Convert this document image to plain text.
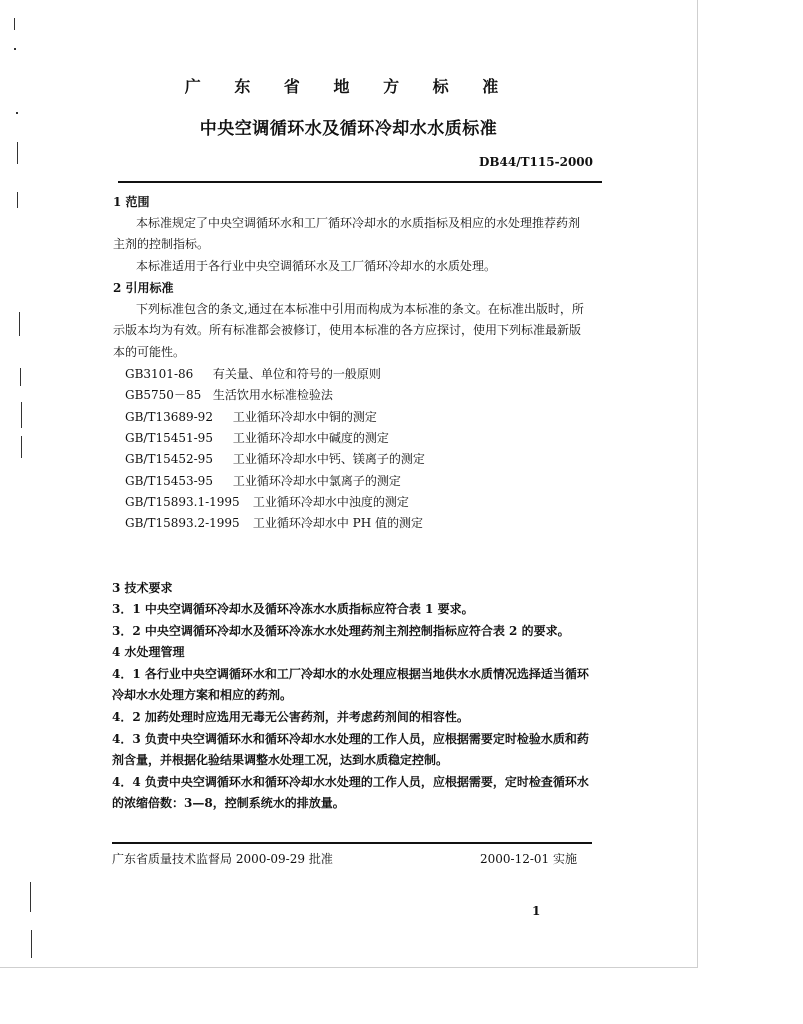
广 东 省 地 方 标 准
中央空调循环水及循环冷却水水质标准
DB44/T115-2000
1 范围
本标准规定了中央空调循环水和工厂循环冷却水的水质指标及相应的水处理推荐药剂
主剂的控制指标。
本标准适用于各行业中央空调循环水及工厂循环冷却水的水质处理。
2 引用标准
下列标准包含的条文,通过在本标准中引用而构成为本标准的条文。在标准出版时，所
示版本均为有效。所有标准都会被修订，使用本标准的各方应探讨，使用下列标准最新版
本的可能性。
GB3101-86 有关量、单位和符号的一般原则
GB5750－85 生活饮用水标准检验法
GB/T13689-92 工业循环冷却水中铜的测定
GB/T15451-95 工业循环冷却水中碱度的测定
GB/T15452-95 工业循环冷却水中钙、镁离子的测定
GB/T15453-95 工业循环冷却水中氯离子的测定
GB/T15893.1-1995 工业循环冷却水中浊度的测定
GB/T15893.2-1995 工业循环冷却水中 PH 值的测定
3 技术要求
3．1 中央空调循环冷却水及循环冷冻水水质指标应符合表 1 要求。
3．2 中央空调循环冷却水及循环冷冻水水处理药剂主剂控制指标应符合表 2 的要求。
4 水处理管理
4．1 各行业中央空调循环水和工厂冷却水的水处理应根据当地供水水质情况选择适当循环
冷却水水处理方案和相应的药剂。
4．2 加药处理时应选用无毒无公害药剂，并考虑药剂间的相容性。
4．3 负责中央空调循环水和循环冷却水水处理的工作人员，应根据需要定时检验水质和药
剂含量，并根据化验结果调整水处理工况，达到水质稳定控制。
4．4 负责中央空调循环水和循环冷却水水处理的工作人员，应根据需要，定时检查循环水
的浓缩倍数：3—8，控制系统水的排放量。
广东省质量技术监督局 2000-09-29 批准	2000-12-01 实施
1
